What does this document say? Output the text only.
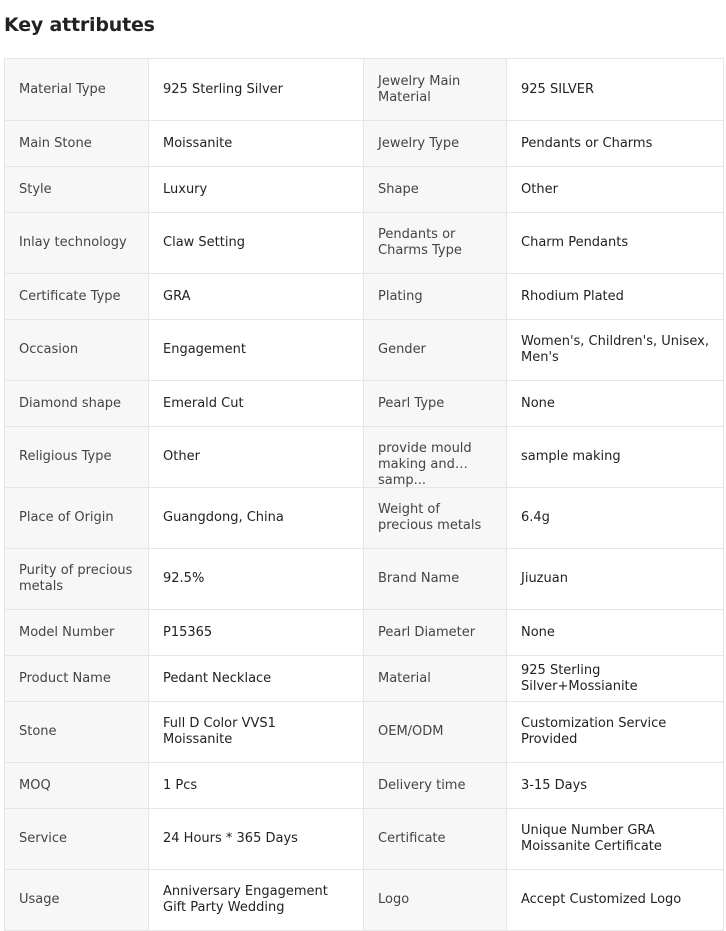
Key attributes
Material Type	925 Sterling Silver	Jewelry Main Material	925 SILVER
Main Stone	Moissanite	Jewelry Type	Pendants or Charms
Style	Luxury	Shape	Other
Inlay technology	Claw Setting	Pendants or Charms Type	Charm Pendants
Certificate Type	GRA	Plating	Rhodium Plated
Occasion	Engagement	Gender	Women's, Children's, Unisex, Men's
Diamond shape	Emerald Cut	Pearl Type	None
Religious Type	Other	provide mould making and samp...	sample making
Place of Origin	Guangdong, China	Weight of precious metals	6.4g
Purity of precious metals	92.5%	Brand Name	Jiuzuan
Model Number	P15365	Pearl Diameter	None
Product Name	Pedant Necklace	Material	925 Sterling Silver+Mossianite
Stone	Full D Color VVS1 Moissanite	OEM/ODM	Customization Service Provided
MOQ	1 Pcs	Delivery time	3-15 Days
Service	24 Hours * 365 Days	Certificate	Unique Number GRA Moissanite Certificate
Usage	Anniversary Engagement Gift Party Wedding	Logo	Accept Customized Logo
